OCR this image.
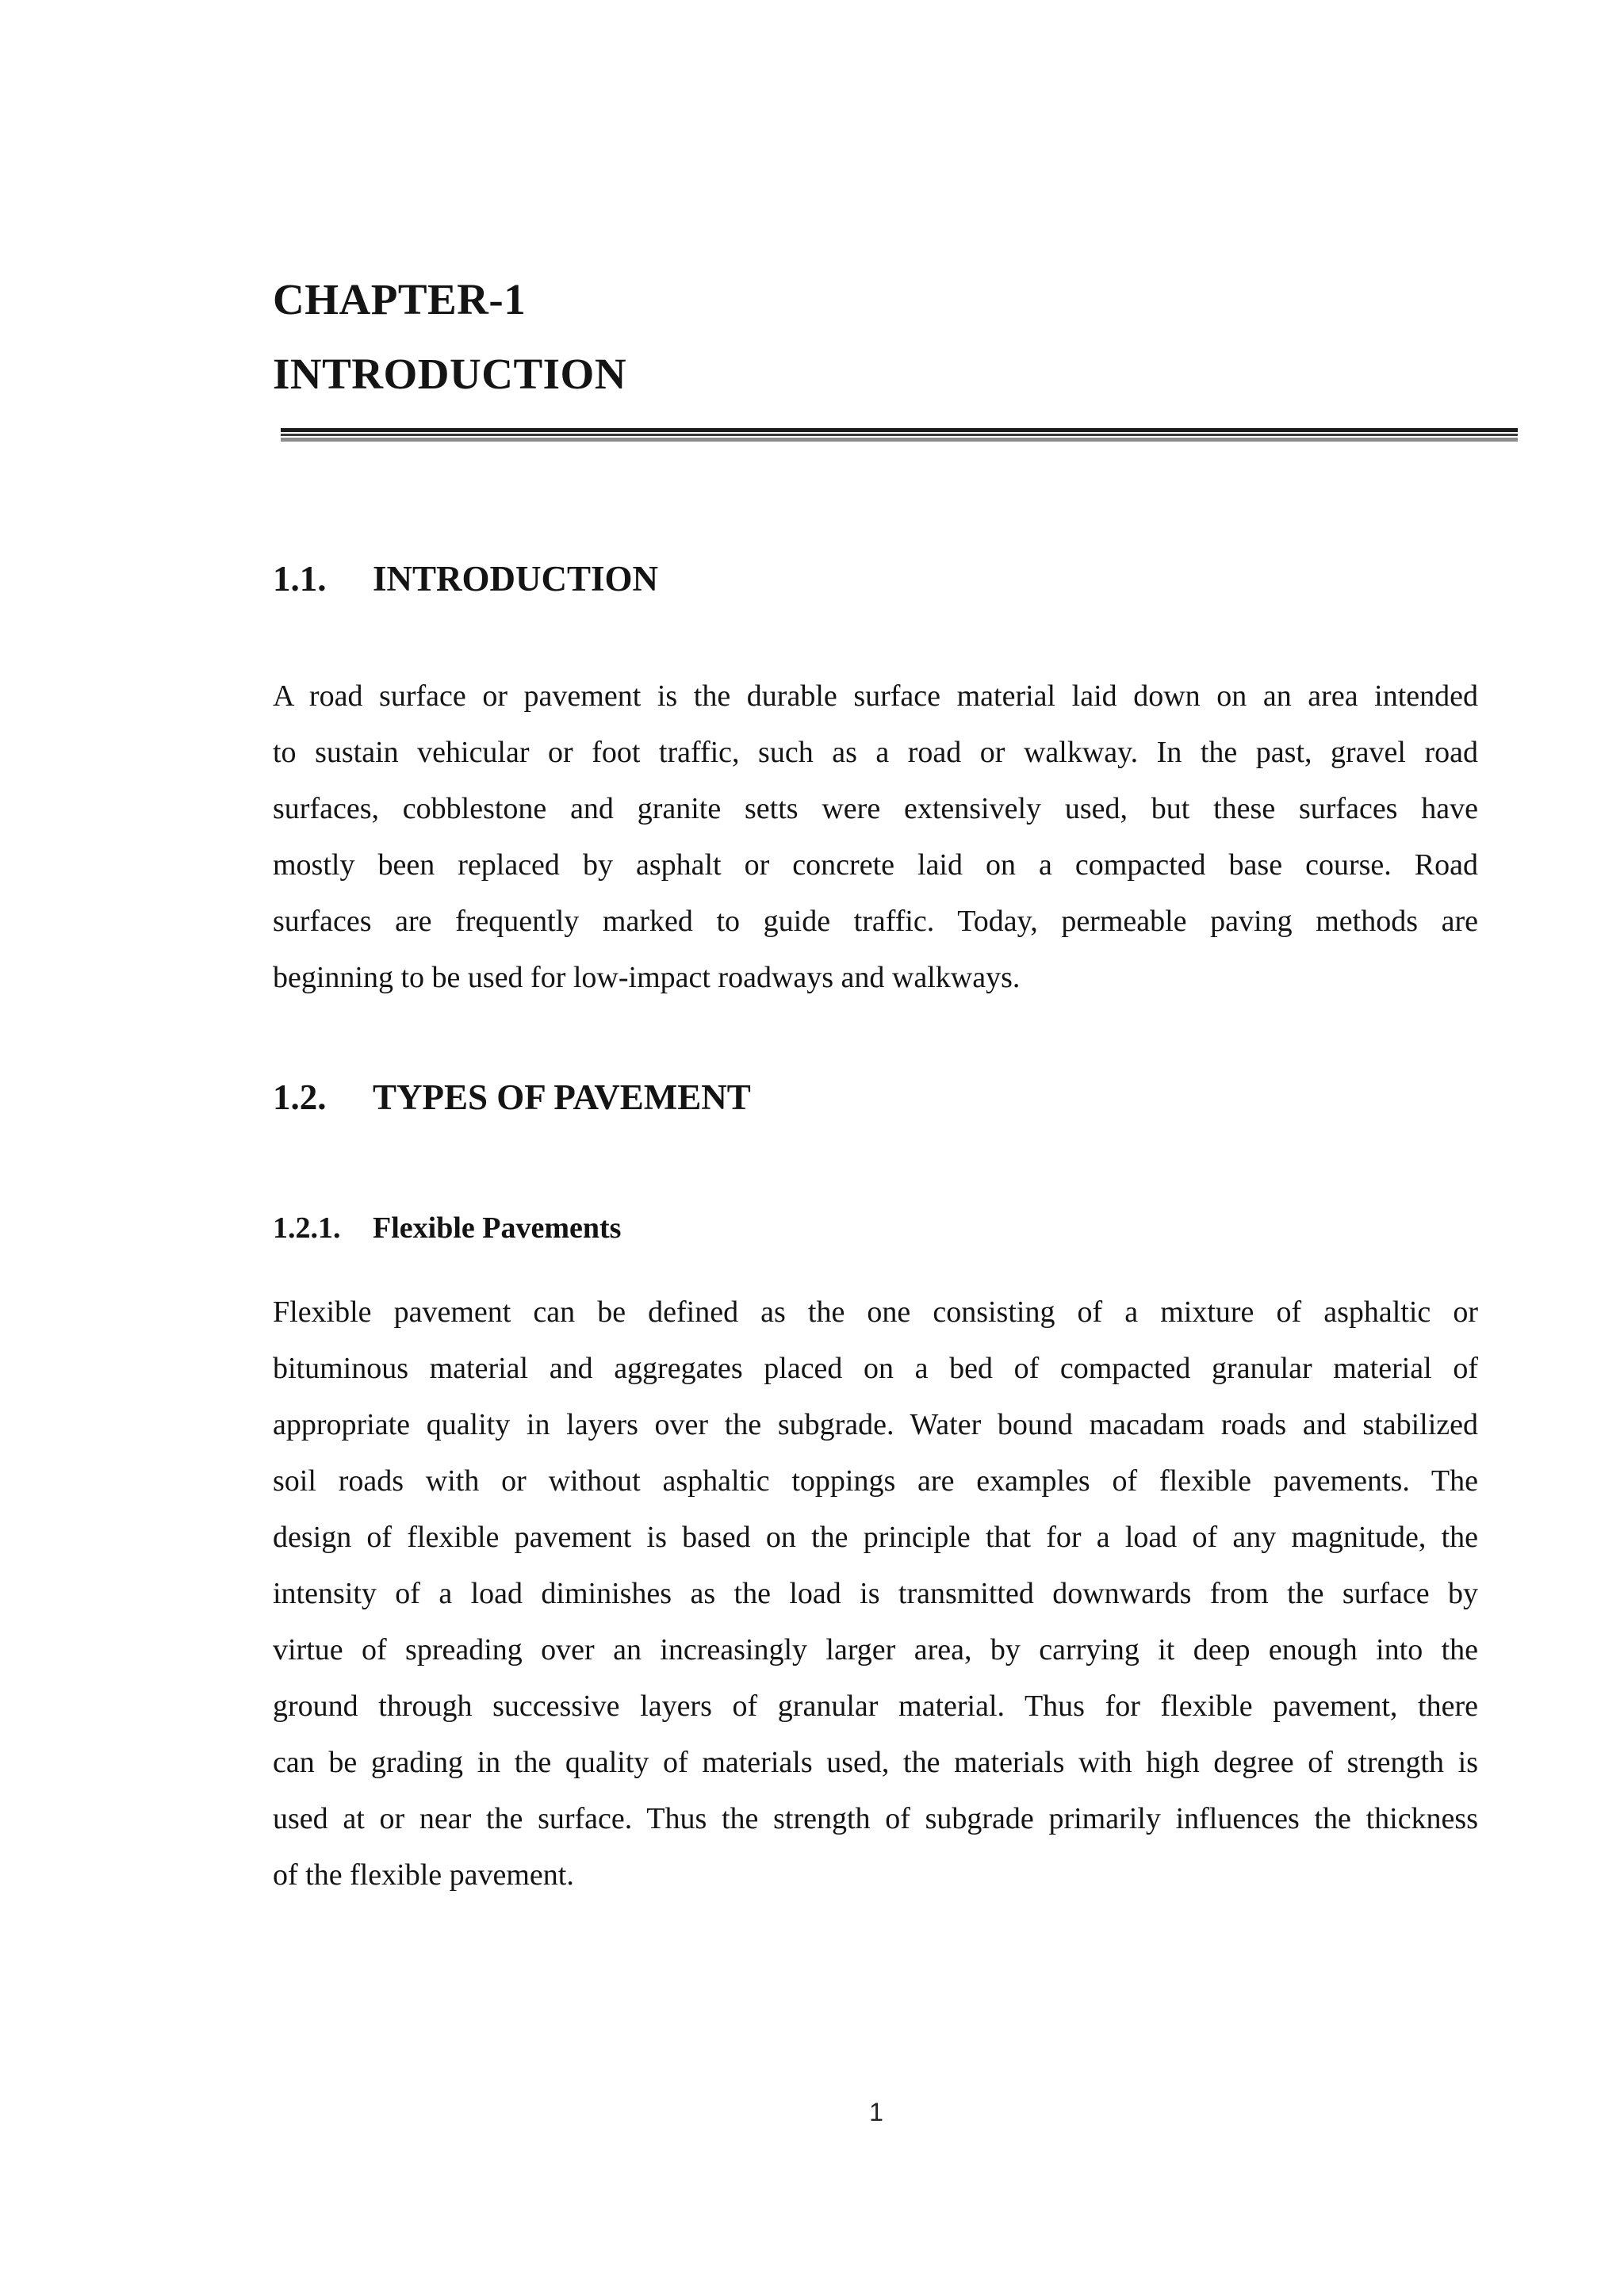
CHAPTER-1
INTRODUCTION
1.1. INTRODUCTION
A road surface or pavement is the durable surface material laid down on an area intended
to sustain vehicular or foot traffic, such as a road or walkway. In the past, gravel road
surfaces, cobblestone and granite setts were extensively used, but these surfaces have
mostly been replaced by asphalt or concrete laid on a compacted base course. Road
surfaces are frequently marked to guide traffic. Today, permeable paving methods are
beginning to be used for low-impact roadways and walkways.
1.2. TYPES OF PAVEMENT
1.2.1. Flexible Pavements
Flexible pavement can be defined as the one consisting of a mixture of asphaltic or
bituminous material and aggregates placed on a bed of compacted granular material of
appropriate quality in layers over the subgrade. Water bound macadam roads and stabilized
soil roads with or without asphaltic toppings are examples of flexible pavements. The
design of flexible pavement is based on the principle that for a load of any magnitude, the
intensity of a load diminishes as the load is transmitted downwards from the surface by
virtue of spreading over an increasingly larger area, by carrying it deep enough into the
ground through successive layers of granular material. Thus for flexible pavement, there
can be grading in the quality of materials used, the materials with high degree of strength is
used at or near the surface. Thus the strength of subgrade primarily influences the thickness
of the flexible pavement.

1
